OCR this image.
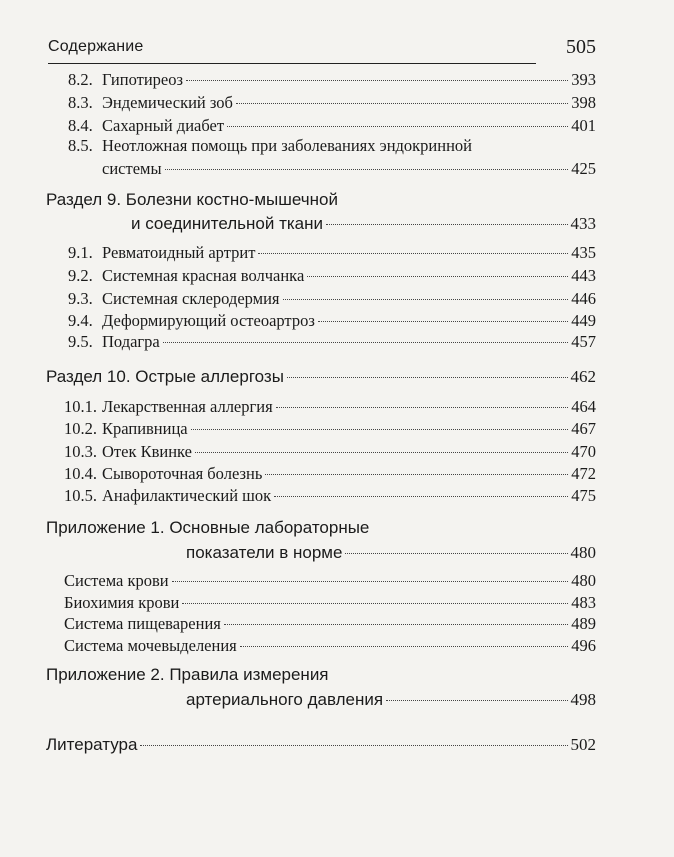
Содержание	505
8.2. Гипотиреоз	393
8.3. Эндемический зоб	398
8.4. Сахарный диабет	401
8.5. Неотложная помощь при заболеваниях эндокринной
системы	425
Раздел 9. Болезни костно-мышечной
и соединительной ткани	433
9.1. Ревматоидный артрит	435
9.2. Системная красная волчанка	443
9.3. Системная склеродермия	446
9.4. Деформирующий остеоартроз	449
9.5. Подагра	457
Раздел 10. Острые аллергозы	462
10.1. Лекарственная аллергия	464
10.2. Крапивница	467
10.3. Отек Квинке	470
10.4. Сывороточная болезнь	472
10.5. Анафилактический шок	475
Приложение 1. Основные лабораторные
показатели в норме	480
Система крови	480
Биохимия крови	483
Система пищеварения	489
Система мочевыделения	496
Приложение 2. Правила измерения
артериального давления	498
Литература	502
